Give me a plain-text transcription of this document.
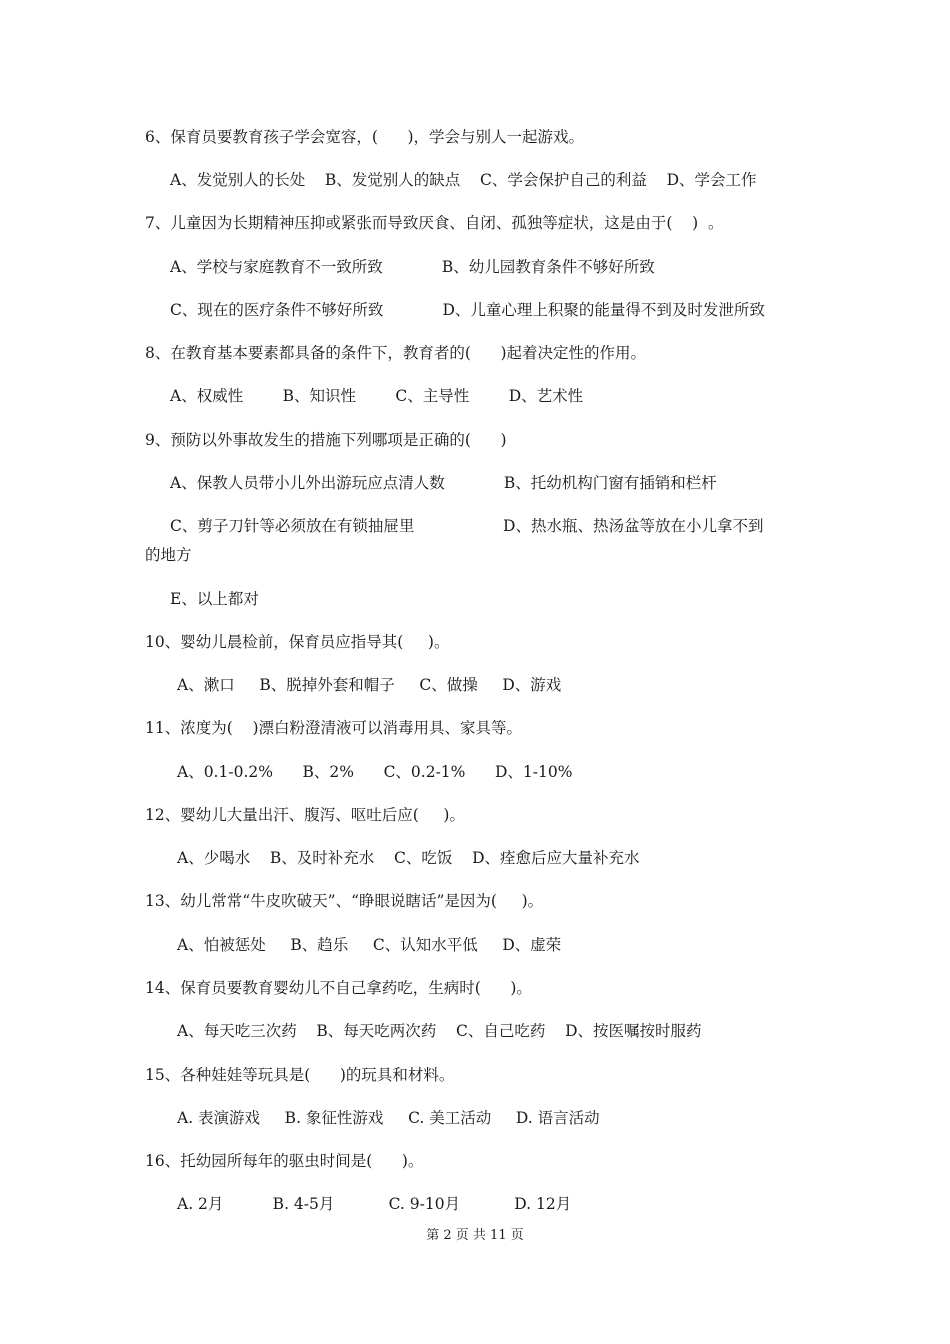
6、保育员要教育孩子学会宽容，(      )，学会与别人一起游戏。
A、发觉别人的长处    B、发觉别人的缺点    C、学会保护自己的利益    D、学会工作
7、儿童因为长期精神压抑或紧张而导致厌食、自闭、孤独等症状，这是由于(    )  。
A、学校与家庭教育不一致所致            B、幼儿园教育条件不够好所致
C、现在的医疗条件不够好所致            D、儿童心理上积聚的能量得不到及时发泄所致
8、在教育基本要素都具备的条件下，教育者的(      )起着决定性的作用。
A、权威性        B、知识性        C、主导性        D、艺术性
9、预防以外事故发生的措施下列哪项是正确的(      )
A、保教人员带小儿外出游玩应点清人数            B、托幼机构门窗有插销和栏杆
C、剪子刀针等必须放在有锁抽屉里                  D、热水瓶、热汤盆等放在小儿拿不到
的地方
E、以上都对
10、婴幼儿晨检前，保育员应指导其(     )。
A、漱口     B、脱掉外套和帽子     C、做操     D、游戏
11、浓度为(    )漂白粉澄清液可以消毒用具、家具等。
A、0.1-0.2%      B、2%      C、0.2-1%      D、1-10%
12、婴幼儿大量出汗、腹泻、呕吐后应(     )。
A、少喝水    B、及时补充水    C、吃饭    D、痊愈后应大量补充水
13、幼儿常常“牛皮吹破天”、“睁眼说瞎话”是因为(     )。
A、怕被惩处     B、趋乐     C、认知水平低     D、虚荣
14、保育员要教育婴幼儿不自己拿药吃，生病时(      )。
A、每天吃三次药    B、每天吃两次药    C、自己吃药    D、按医嘱按时服药
15、各种娃娃等玩具是(      )的玩具和材料。
A. 表演游戏     B. 象征性游戏     C. 美工活动     D. 语言活动
16、托幼园所每年的驱虫时间是(      )。
A. 2月          B. 4-5月           C. 9-10月           D. 12月
第 2 页 共 11 页
